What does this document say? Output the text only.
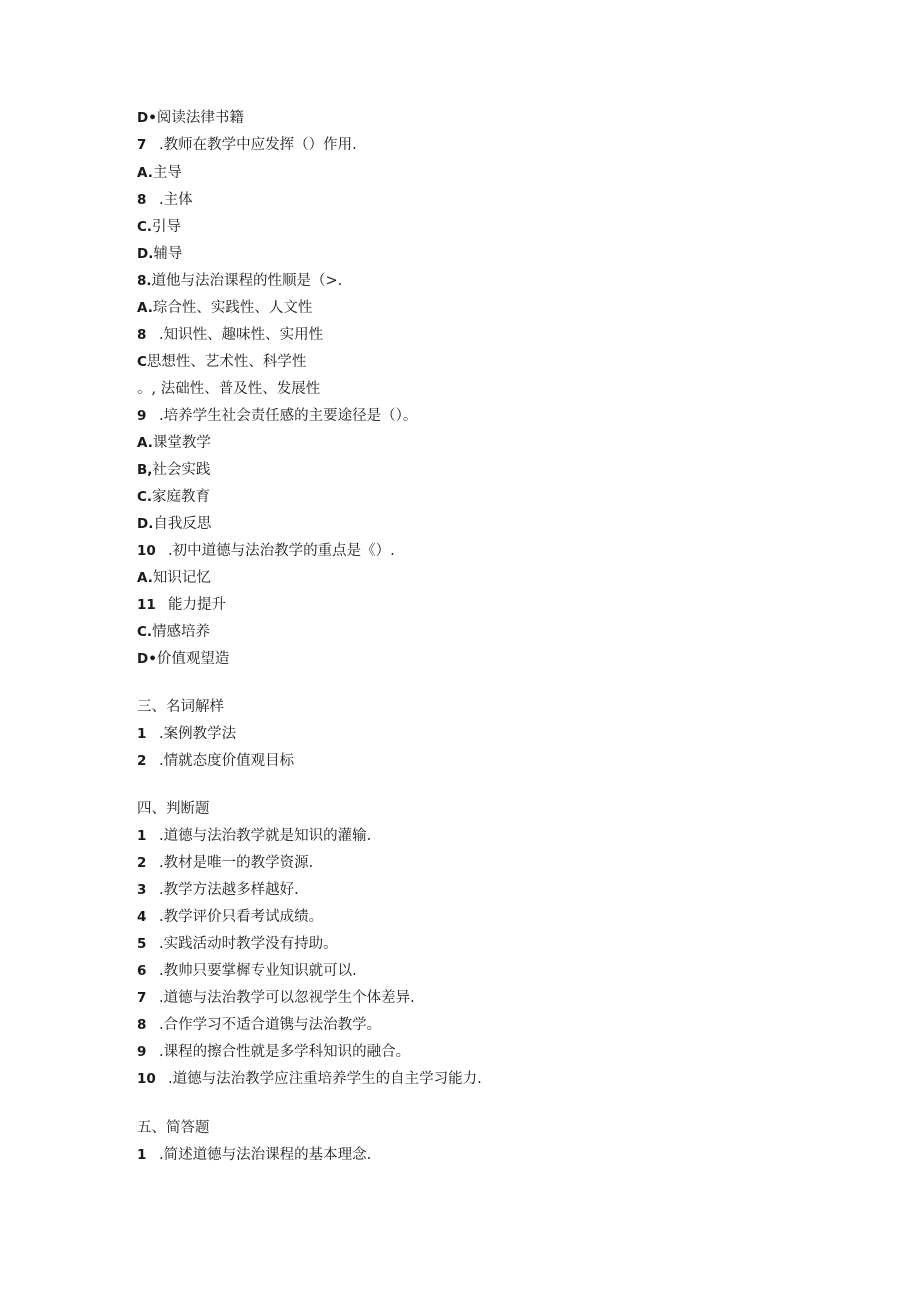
D•阅读法律书籍
7 .教师在教学中应发挥（）作用.
A.主导
8 .主体
C.引导
D.辅导
8.道他与法治课程的性顺是（>.
A.琮合性、实践性、人文性
8 .知识性、趣味性、实用性
C思想性、艺术性、科学性
。, 法础性、普及性、发展性
9 .培养学生社会责任感的主要途径是（）。
A.课堂教学
B,社会实践
C.家庭教育
D.自我反思
10 .初中道德与法治教学的重点是《）.
A.知识记忆
11 能力提升
C.情感培养
D•价值观望造
三、名词解样
1 .案例教学法
2 .情就态度价值观目标
四、判断题
1 .道德与法治教学就是知识的灌输.
2 .教材是唯一的教学资源.
3 .教学方法越多样越好.
4 .教学评价只看考试成绩。
5 .实践活动时教学没有持助。
6 .教帅只要掌樨专业知识就可以.
7 .道德与法治教学可以忽视学生个体差异.
8 .合作学习不适合道镌与法治教学。
9 .课程的擦合性就是多学科知识的融合。
10 .道德与法治教学应注重培养学生的自主学习能力.
五、简答题
1 .简述道德与法治课程的基本理念.
